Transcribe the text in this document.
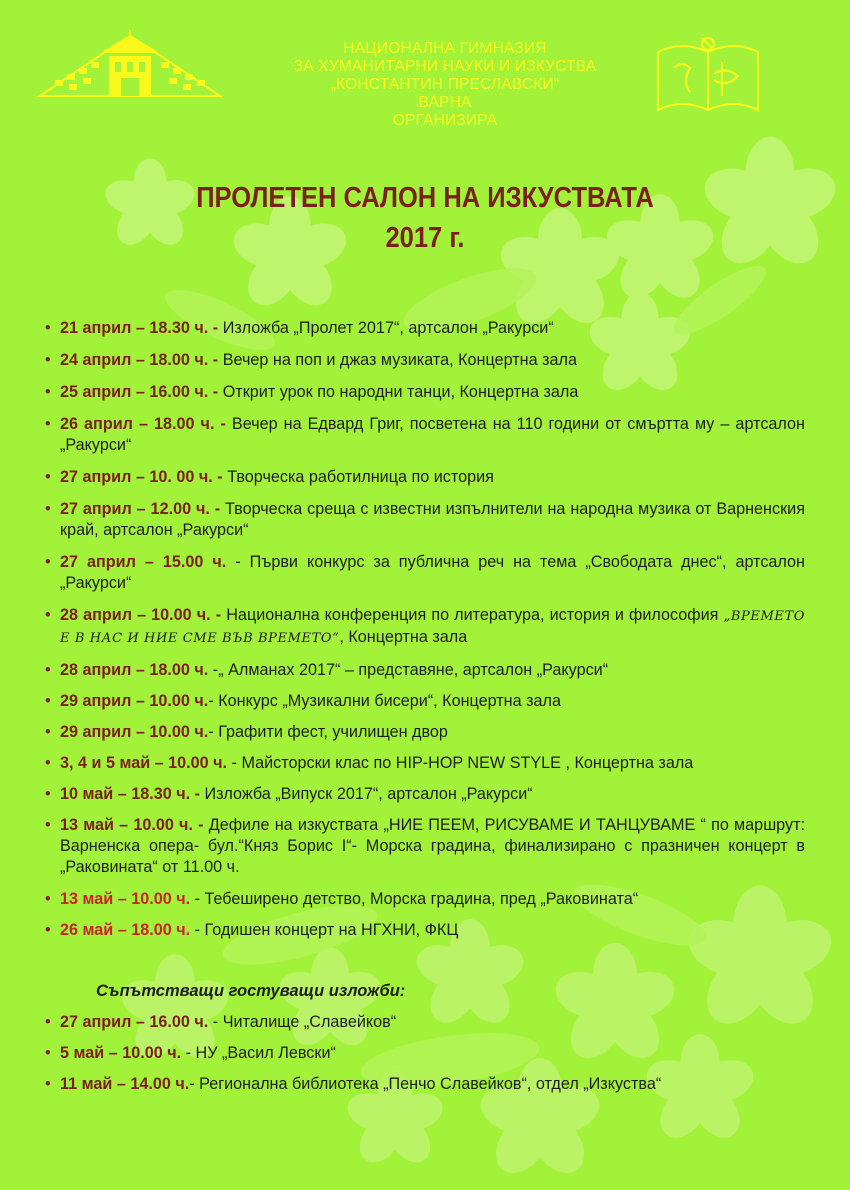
НАЦИОНАЛНА ГИМНАЗИЯ
ЗА ХУМАНИТАРНИ НАУКИ И ИЗКУСТВА
„КОНСТАНТИН ПРЕСЛАВСКИ“
ВАРНА
ОРГАНИЗИРА
ПРОЛЕТЕН САЛОН НА ИЗКУСТВАТА
2017 г.
• 21 април – 18.30 ч. - Изложба „Пролет 2017“, артсалон „Ракурси“
• 24 април – 18.00 ч. - Вечер на поп и джаз музиката, Концертна зала
• 25 април – 16.00 ч. - Открит урок по народни танци, Концертна зала
• 26 април – 18.00 ч. - Вечер на Едвард Григ, посветена на 110 години от смъртта му – артсалон „Ракурси“
• 27 април – 10. 00 ч. - Творческа работилница по история
• 27 април – 12.00 ч. - Творческа среща с известни изпълнители на народна музика от Варненския край, артсалон „Ракурси“
• 27 април – 15.00 ч. - Първи конкурс за публична реч на тема „Свободата днес“, артсалон „Ракурси“
• 28 април – 10.00 ч. - Национална конференция по литература, история и философия „ВРЕМЕТО Е В НАС И НИЕ СМЕ ВЪВ ВРЕМЕТО“, Концертна зала
• 28 април – 18.00 ч. -„ Алманах 2017“ – представяне, артсалон „Ракурси“
• 29 април – 10.00 ч.- Конкурс „Музикални бисери“, Концертна зала
• 29 април – 10.00 ч.- Графити фест, училищен двор
• 3, 4 и 5 май – 10.00 ч. - Майсторски клас по HIP-HOP NEW STYLE , Концертна зала
• 10 май – 18.30 ч. - Изложба „Випуск 2017“, артсалон „Ракурси“
• 13 май – 10.00 ч. - Дефиле на изкуствата „НИЕ ПЕЕМ, РИСУВАМЕ И ТАНЦУВАМЕ “ по маршрут: Варненска опера- бул.“Княз Борис І“- Морска градина, финализирано с празничен концерт в „Раковината“ от 11.00 ч.
• 13 май – 10.00 ч. - Тебеширено детство, Морска градина, пред „Раковината“
• 26 май – 18.00 ч. - Годишен концерт на НГХНИ, ФКЦ
Съпътстващи гостуващи изложби:
• 27 април – 16.00 ч. - Читалище „Славейков“
• 5 май – 10.00 ч. - НУ „Васил Левски“
• 11 май – 14.00 ч.- Регионална библиотека „Пенчо Славейков“, отдел „Изкуства“
